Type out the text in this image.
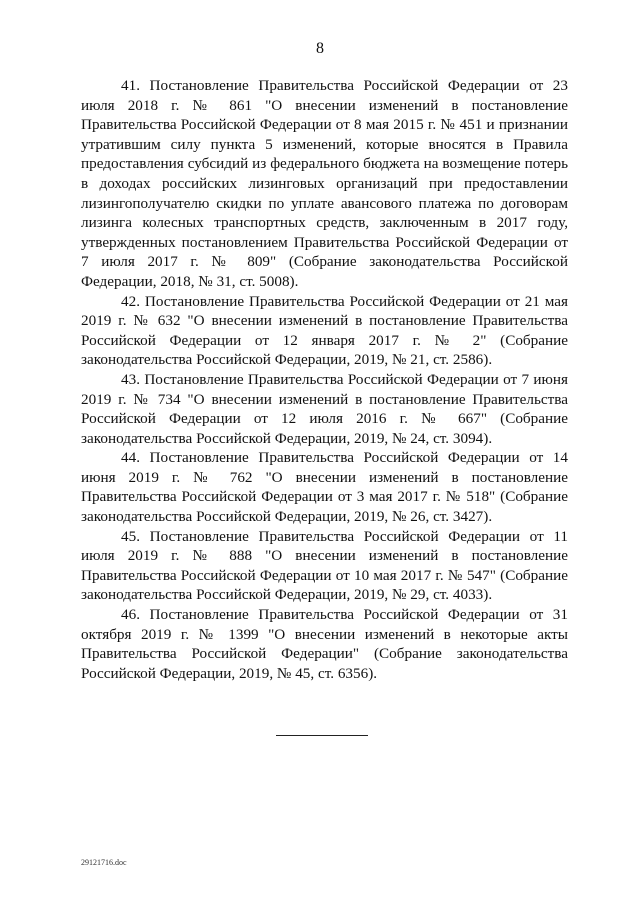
8

41. Постановление Правительства Российской Федерации от 23 июля 2018 г. № 861 "О внесении изменений в постановление Правительства Российской Федерации от 8 мая 2015 г. № 451 и признании утратившим силу пункта 5 изменений, которые вносятся в Правила предоставления субсидий из федерального бюджета на возмещение потерь в доходах российских лизинговых организаций при предоставлении лизингополучателю скидки по уплате авансового платежа по договорам лизинга колесных транспортных средств, заключенным в 2017 году, утвержденных постановлением Правительства Российской Федерации от 7 июля 2017 г. № 809" (Собрание законодательства Российской Федерации, 2018, № 31, ст. 5008).

42. Постановление Правительства Российской Федерации от 21 мая 2019 г. № 632 "О внесении изменений в постановление Правительства Российской Федерации от 12 января 2017 г. № 2" (Собрание законодательства Российской Федерации, 2019, № 21, ст. 2586).

43. Постановление Правительства Российской Федерации от 7 июня 2019 г. № 734 "О внесении изменений в постановление Правительства Российской Федерации от 12 июля 2016 г. № 667" (Собрание законодательства Российской Федерации, 2019, № 24, ст. 3094).

44. Постановление Правительства Российской Федерации от 14 июня 2019 г. № 762 "О внесении изменений в постановление Правительства Российской Федерации от 3 мая 2017 г. № 518" (Собрание законодательства Российской Федерации, 2019, № 26, ст. 3427).

45. Постановление Правительства Российской Федерации от 11 июля 2019 г. № 888 "О внесении изменений в постановление Правительства Российской Федерации от 10 мая 2017 г. № 547" (Собрание законодательства Российской Федерации, 2019, № 29, ст. 4033).

46. Постановление Правительства Российской Федерации от 31 октября 2019 г. № 1399 "О внесении изменений в некоторые акты Правительства Российской Федерации" (Собрание законодательства Российской Федерации, 2019, № 45, ст. 6356).

29121716.doc
